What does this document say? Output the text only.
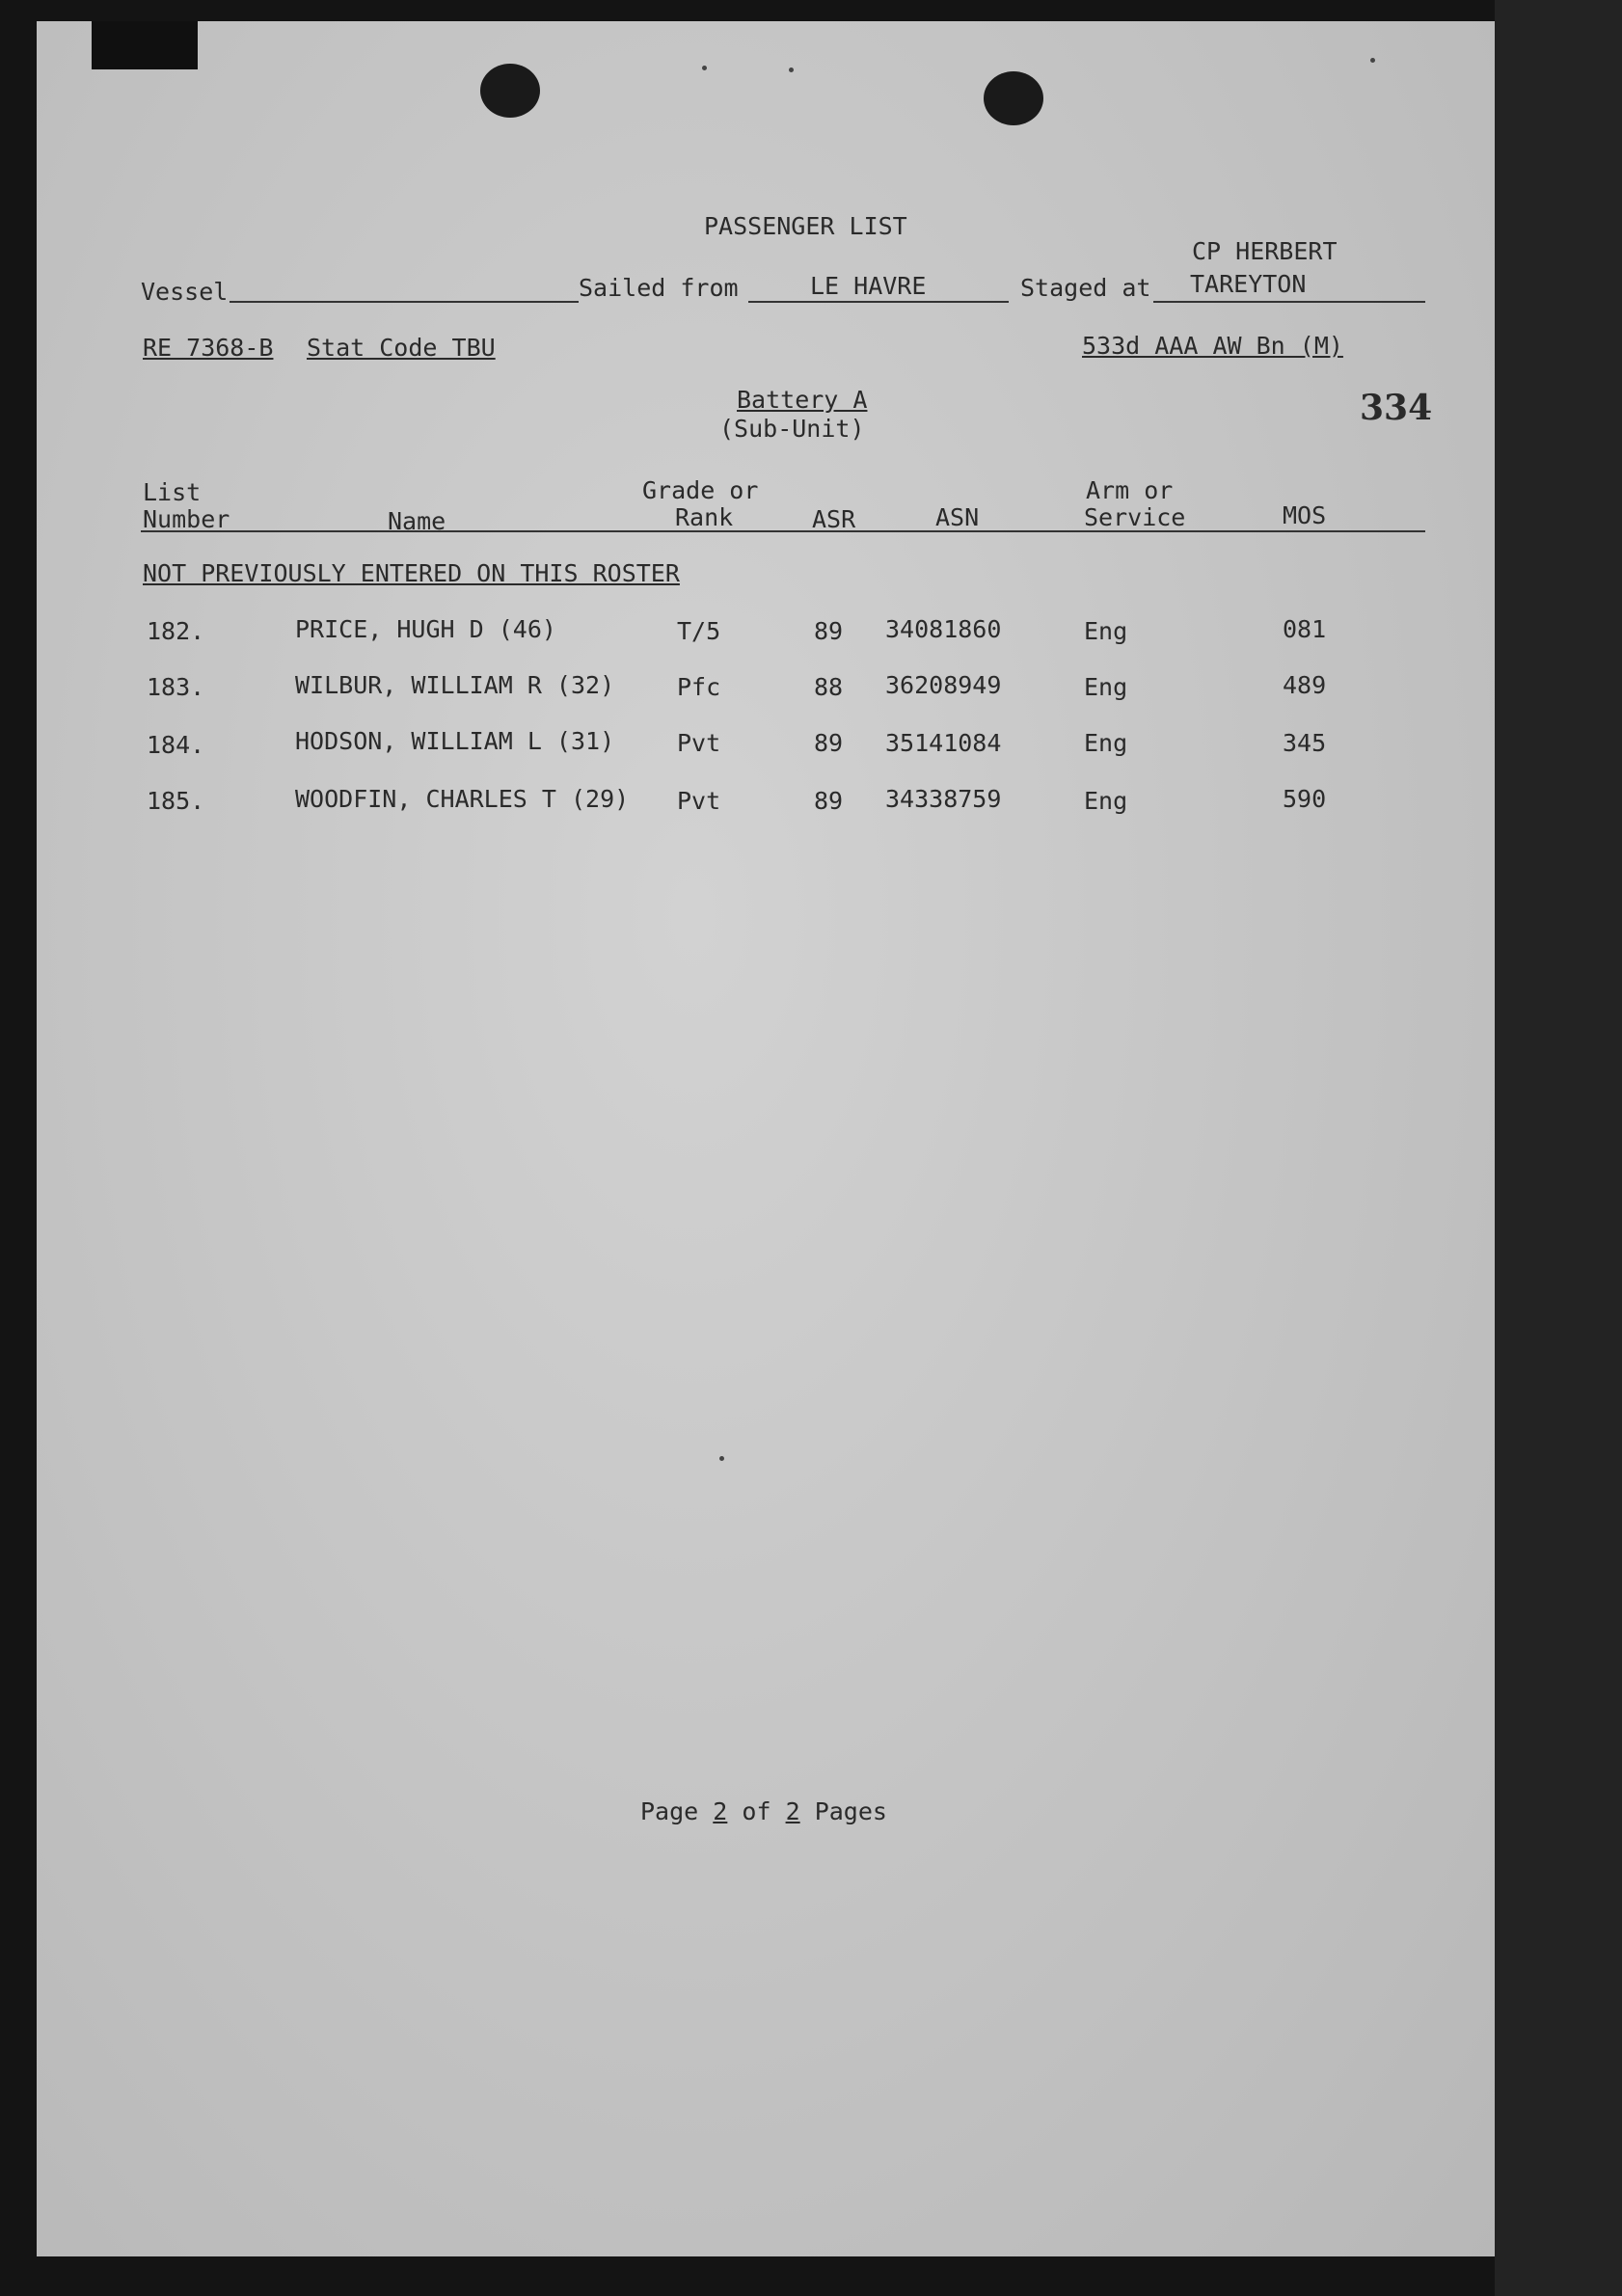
PASSENGER LIST
CP HERBERT
Vessel	Sailed from	LE HAVRE	Staged at TAREYTON
RE 7368-B Stat Code TBU	533d AAA AW Bn (M)
Battery A
(Sub-Unit)
334
List
Number	Name
Grade or
Rank	ASR	ASN
Arm or
Service	MOS
NOT PREVIOUSLY ENTERED ON THIS ROSTER
182.	PRICE, HUGH D (46)	T/5	89 34081860	Eng	081
183.	WILBUR, WILLIAM R (32)	Pfc	88 36208949	Eng	489
184.	HODSON, WILLIAM L (31)	Pvt	89 35141084	Eng	345
185.	WOODFIN, CHARLES T (29) Pvt	89 34338759	Eng	590
Page 2 of 2 Pages
